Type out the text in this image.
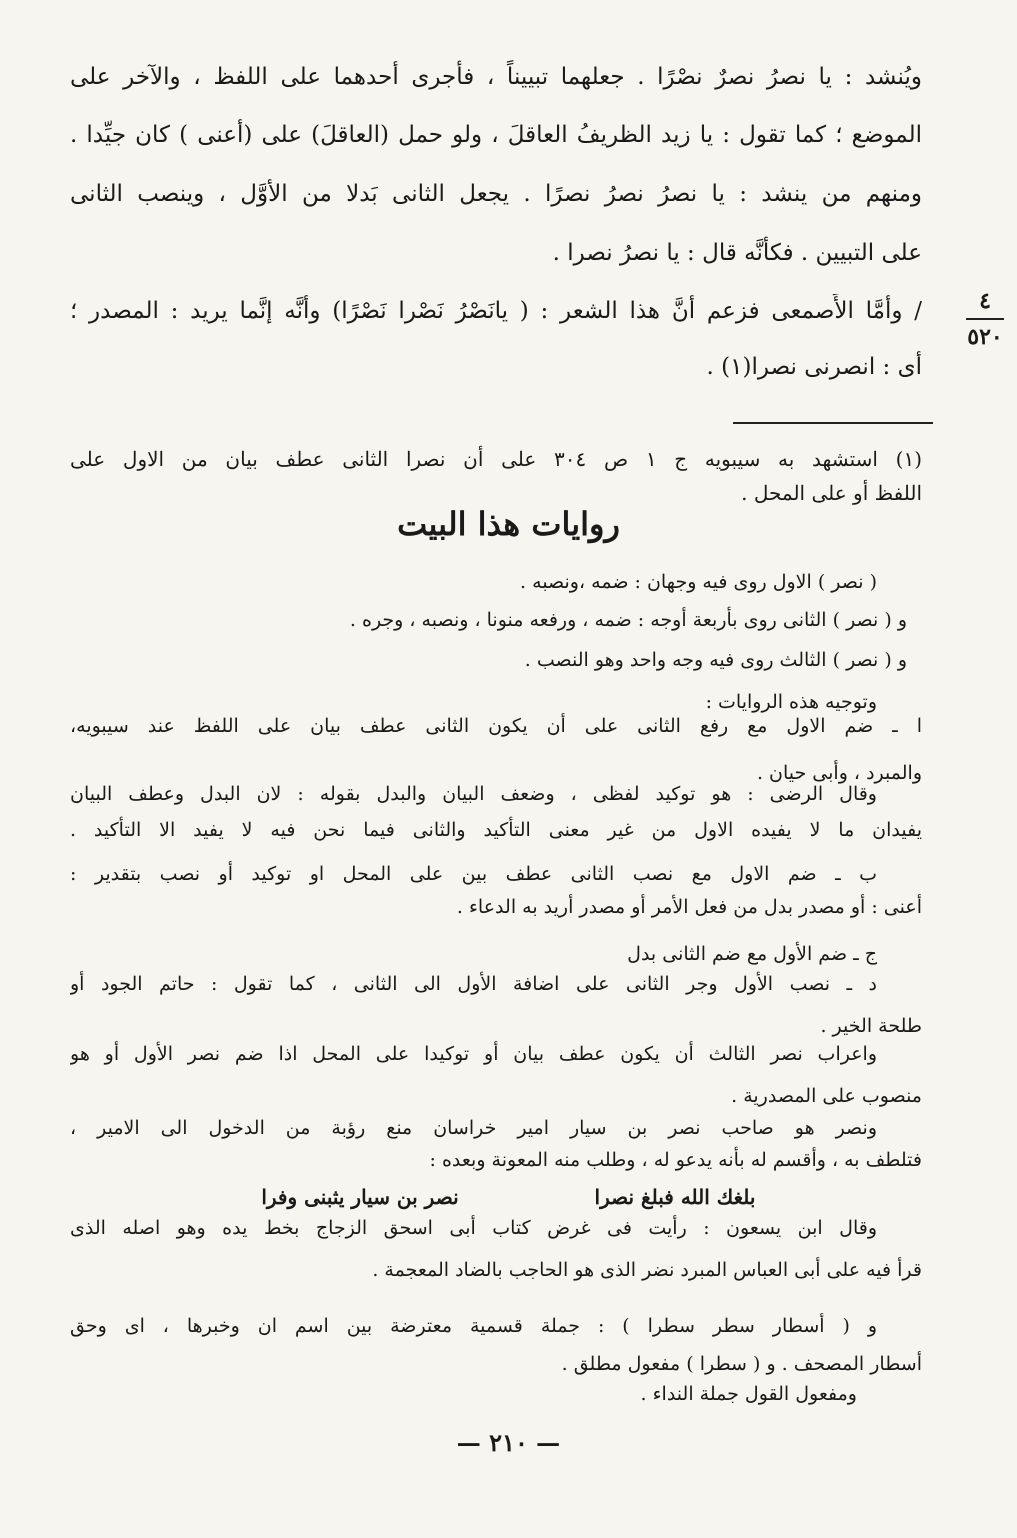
ويُنشد : يا نصرُ نصرٌ نصْرًا . جعلهما تبييناً ، فأجرى أحدهما على اللفظ ، والآخر على
الموضع ؛ كما تقول : يا زيد الظريفُ العاقلَ ، ولو حمل (العاقلَ) على (أعنى ) كان جيِّدا .
ومنهم من ينشد : يا نصرُ نصرُ نصرًا . يجعل الثانى بَدلا من الأوَّل ، وينصب الثانى
على التبيين . فكأنَّه قال : يا نصرُ نصرا .
/ وأمَّا الأَصمعى فزعم أنَّ هذا الشعر : ( يانَصْرُ نَصْرا نَصْرًا) وأنَّه إنَّما يريد : المصدر ؛
أى : انصرنى نصرا(١) .
٤
٥٢٠
(١) استشهد به سيبويه ج ١ ص ٣٠٤ على أن نصرا الثانى عطف بيان من الاول على
اللفظ أو على المحل .
روايات هذا البيت
( نصر ) الاول روى فيه وجهان : ضمه ،ونصبه .
و ( نصر ) الثانى روى بأربعة أوجه : ضمه ، ورفعه منونا ، ونصبه ، وجره .
و ( نصر ) الثالث روى فيه وجه واحد وهو النصب .
وتوجيه هذه الروايات :
ا ـ ضم الاول مع رفع الثانى على أن يكون الثانى عطف بيان على اللفظ عند سيبويه،
والمبرد ، وأبى حيان .
وقال الرضى : هو توكيد لفظى ، وضعف البيان والبدل بقوله : لان البدل وعطف البيان
يفيدان ما لا يفيده الاول من غير معنى التأكيد والثانى فيما نحن فيه لا يفيد الا التأكيد .
ب ـ ضم الاول مع نصب الثانى عطف بين على المحل او توكيد أو نصب بتقدير :
أعنى : أو مصدر بدل من فعل الأمر أو مصدر أريد به الدعاء .
ج ـ ضم الأول مع ضم الثانى بدل
د ـ نصب الأول وجر الثانى على اضافة الأول الى الثانى ، كما تقول : حاتم الجود أو
طلحة الخير .
واعراب نصر الثالث أن يكون عطف بيان أو توكيدا على المحل اذا ضم نصر الأول أو هو
منصوب على المصدرية .
ونصر هو صاحب نصر بن سيار امير خراسان منع رؤبة من الدخول الى الامير ،
فتلطف به ، وأقسم له بأنه يدعو له ، وطلب منه المعونة وبعده :
بلغك الله فبلغ نصرانصر بن سيار يثبنى وفرا
وقال ابن يسعون : رأيت فى غرض كتاب أبى اسحق الزجاج بخط يده وهو اصله الذى
قرأ فيه على أبى العباس المبرد نضر الذى هو الحاجب بالضاد المعجمة .
و ( أسطار سطر سطرا ) : جملة قسمية معترضة بين اسم ان وخبرها ، اى وحق
أسطار المصحف . و ( سطرا ) مفعول مطلق .
ومفعول القول جملة النداء .
— ٢١٠ —
